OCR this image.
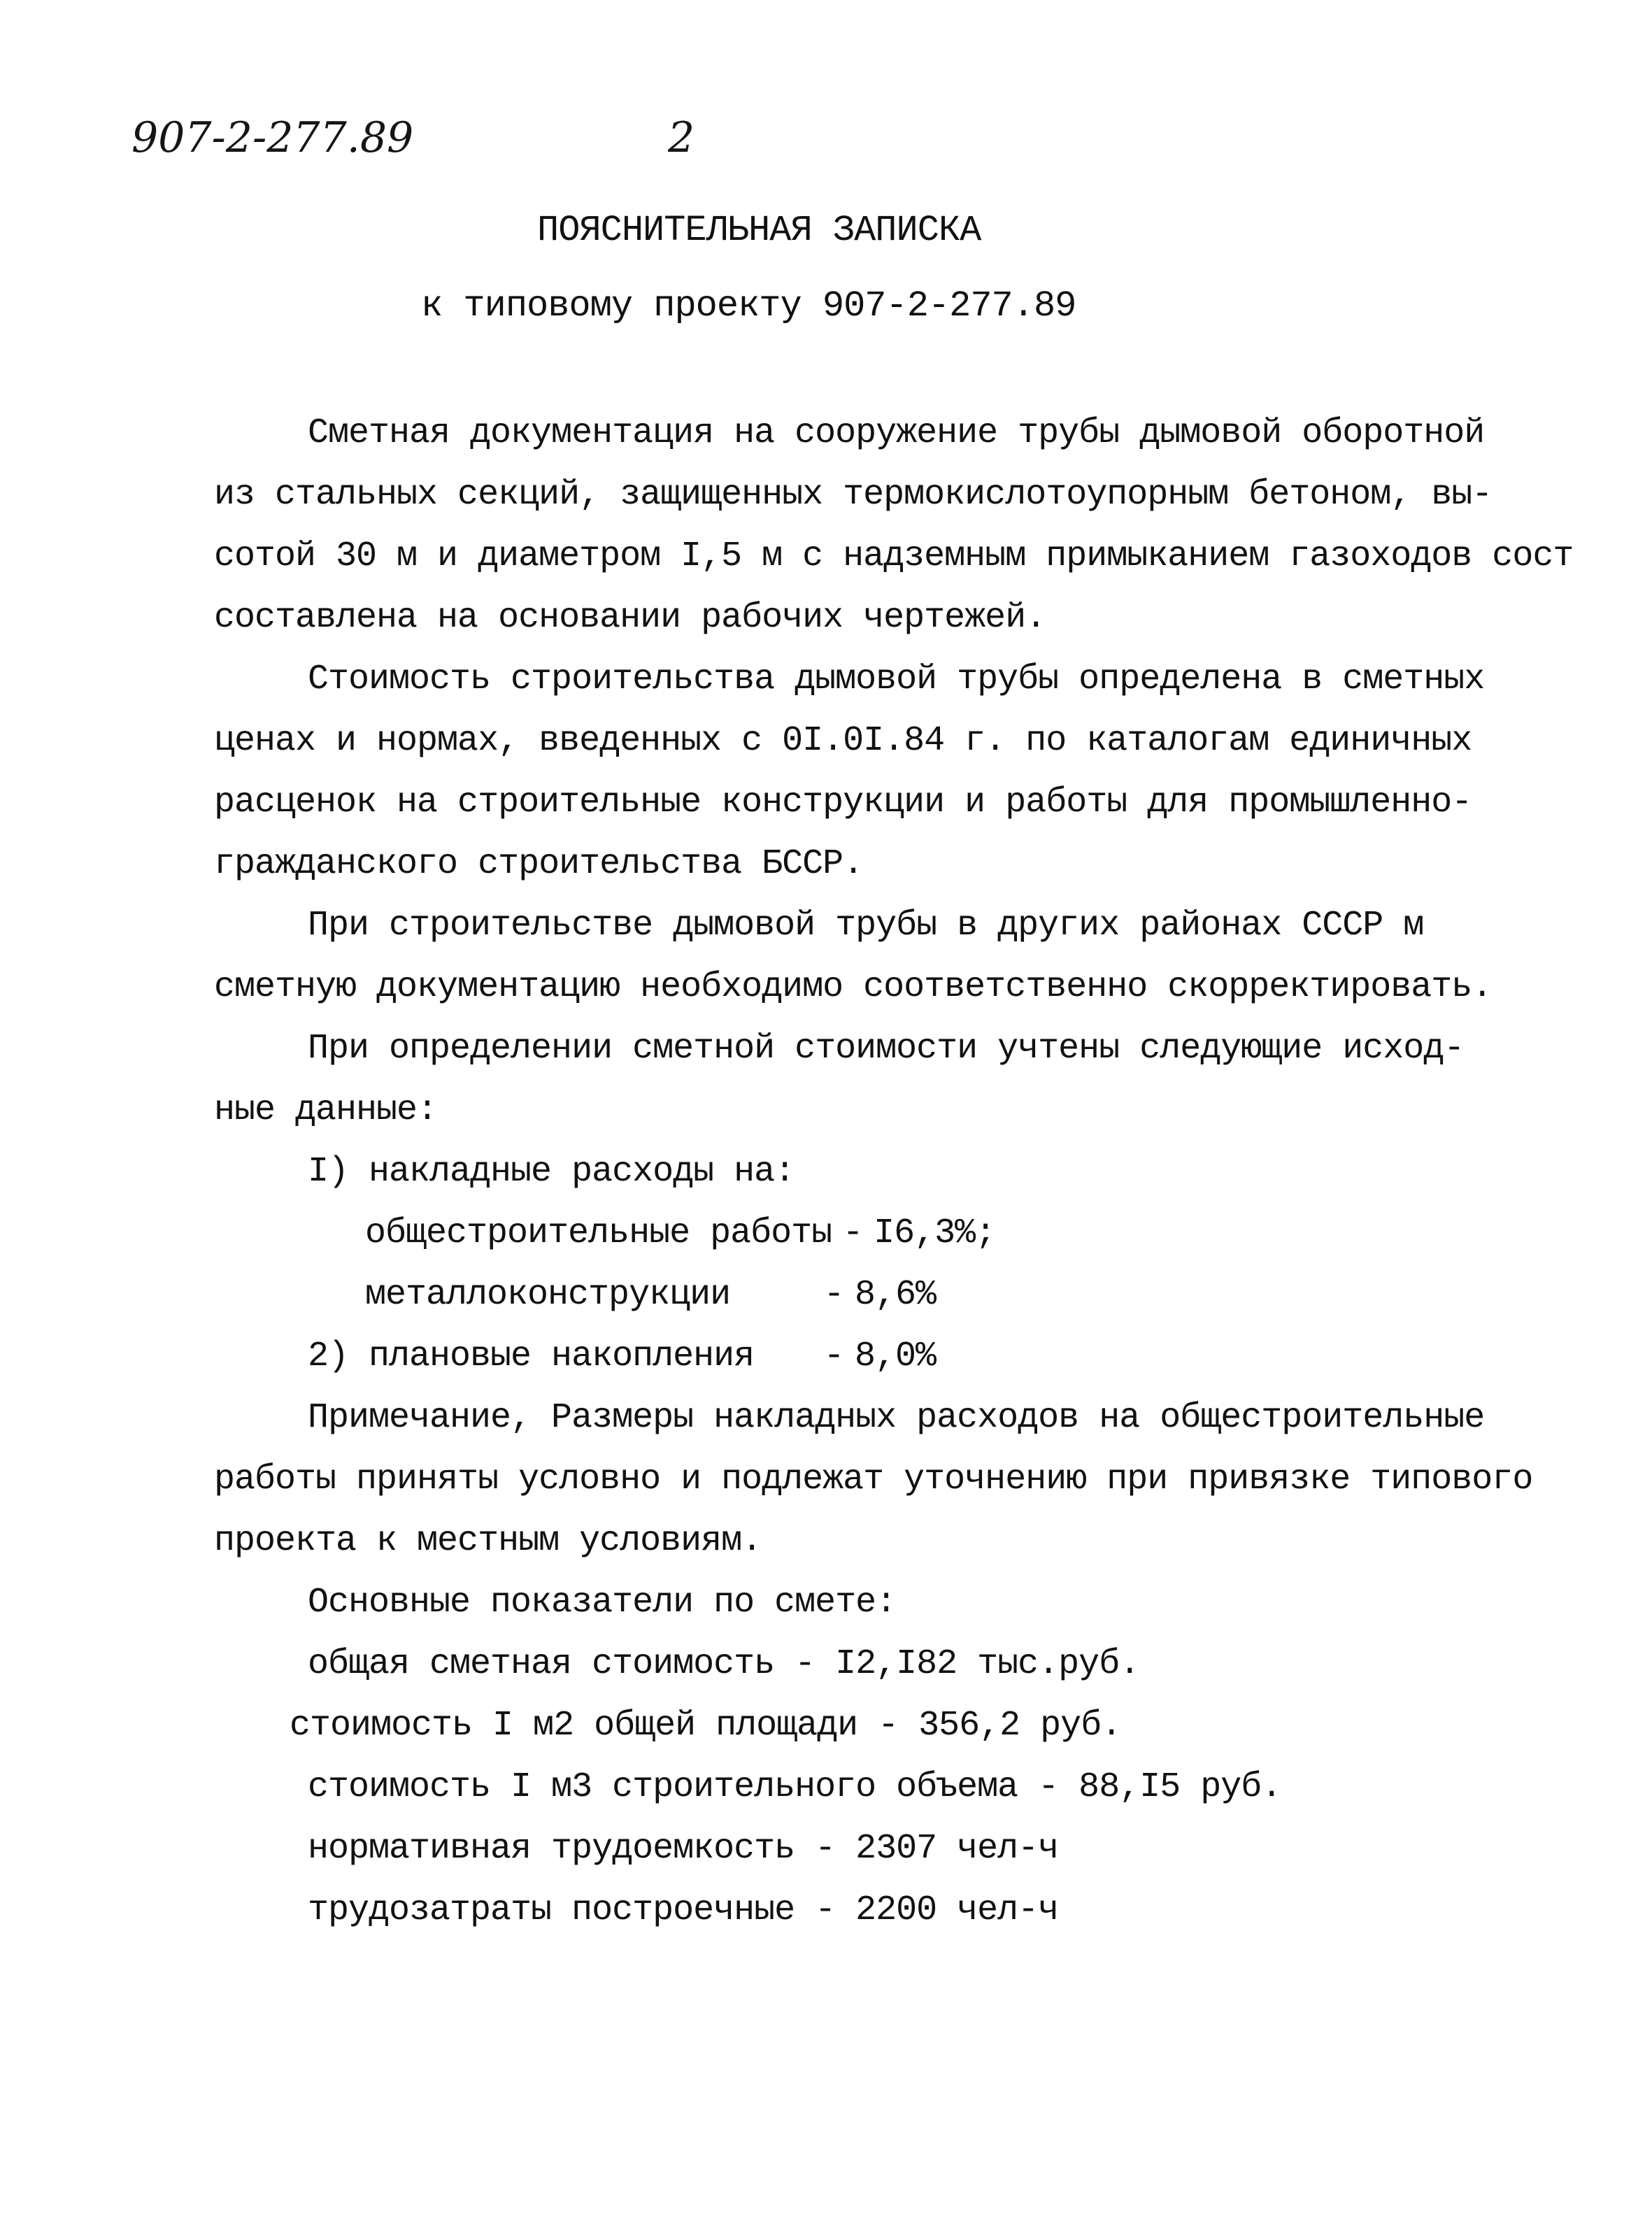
907-2-277.89	2
ПОЯСНИТЕЛЬНАЯ ЗАПИСКА
к типовому проекту 907-2-277.89
Сметная документация на сооружение трубы дымовой оборотной
из стальных секций, защищенных термокислотоупорным бетоном, вы-
сотой 30 м и диаметром I,5 м с надземным примыканием газоходов сост
составлена на основании рабочих чертежей.
Стоимость строительства дымовой трубы определена в сметных
ценах и нормах, введенных с 0I.0I.84 г. по каталогам единичных
расценок на строительные конструкции и работы для промышленно-
гражданского строительства БССР.
При строительстве дымовой трубы в других районах СССР м
сметную документацию необходимо соответственно скорректировать.
При определении сметной стоимости учтены следующие исход-
ные данные:
I) накладные расходы на:
общестроительные работы - I6,3%;
металлоконструкции	- 8,6%
2) плановые накопления	- 8,0%
Примечание, Размеры накладных расходов на общестроительные
работы приняты условно и подлежат уточнению при привязке типового
проекта к местным условиям.
Основные показатели по смете:
общая сметная стоимость - I2,I82 тыс.руб.
стоимость I м2 общей площади - 356,2 руб.
стоимость I м3 строительного объема - 88,I5 руб.
нормативная трудоемкость - 2307 чел-ч
трудозатраты построечные - 2200 чел-ч
